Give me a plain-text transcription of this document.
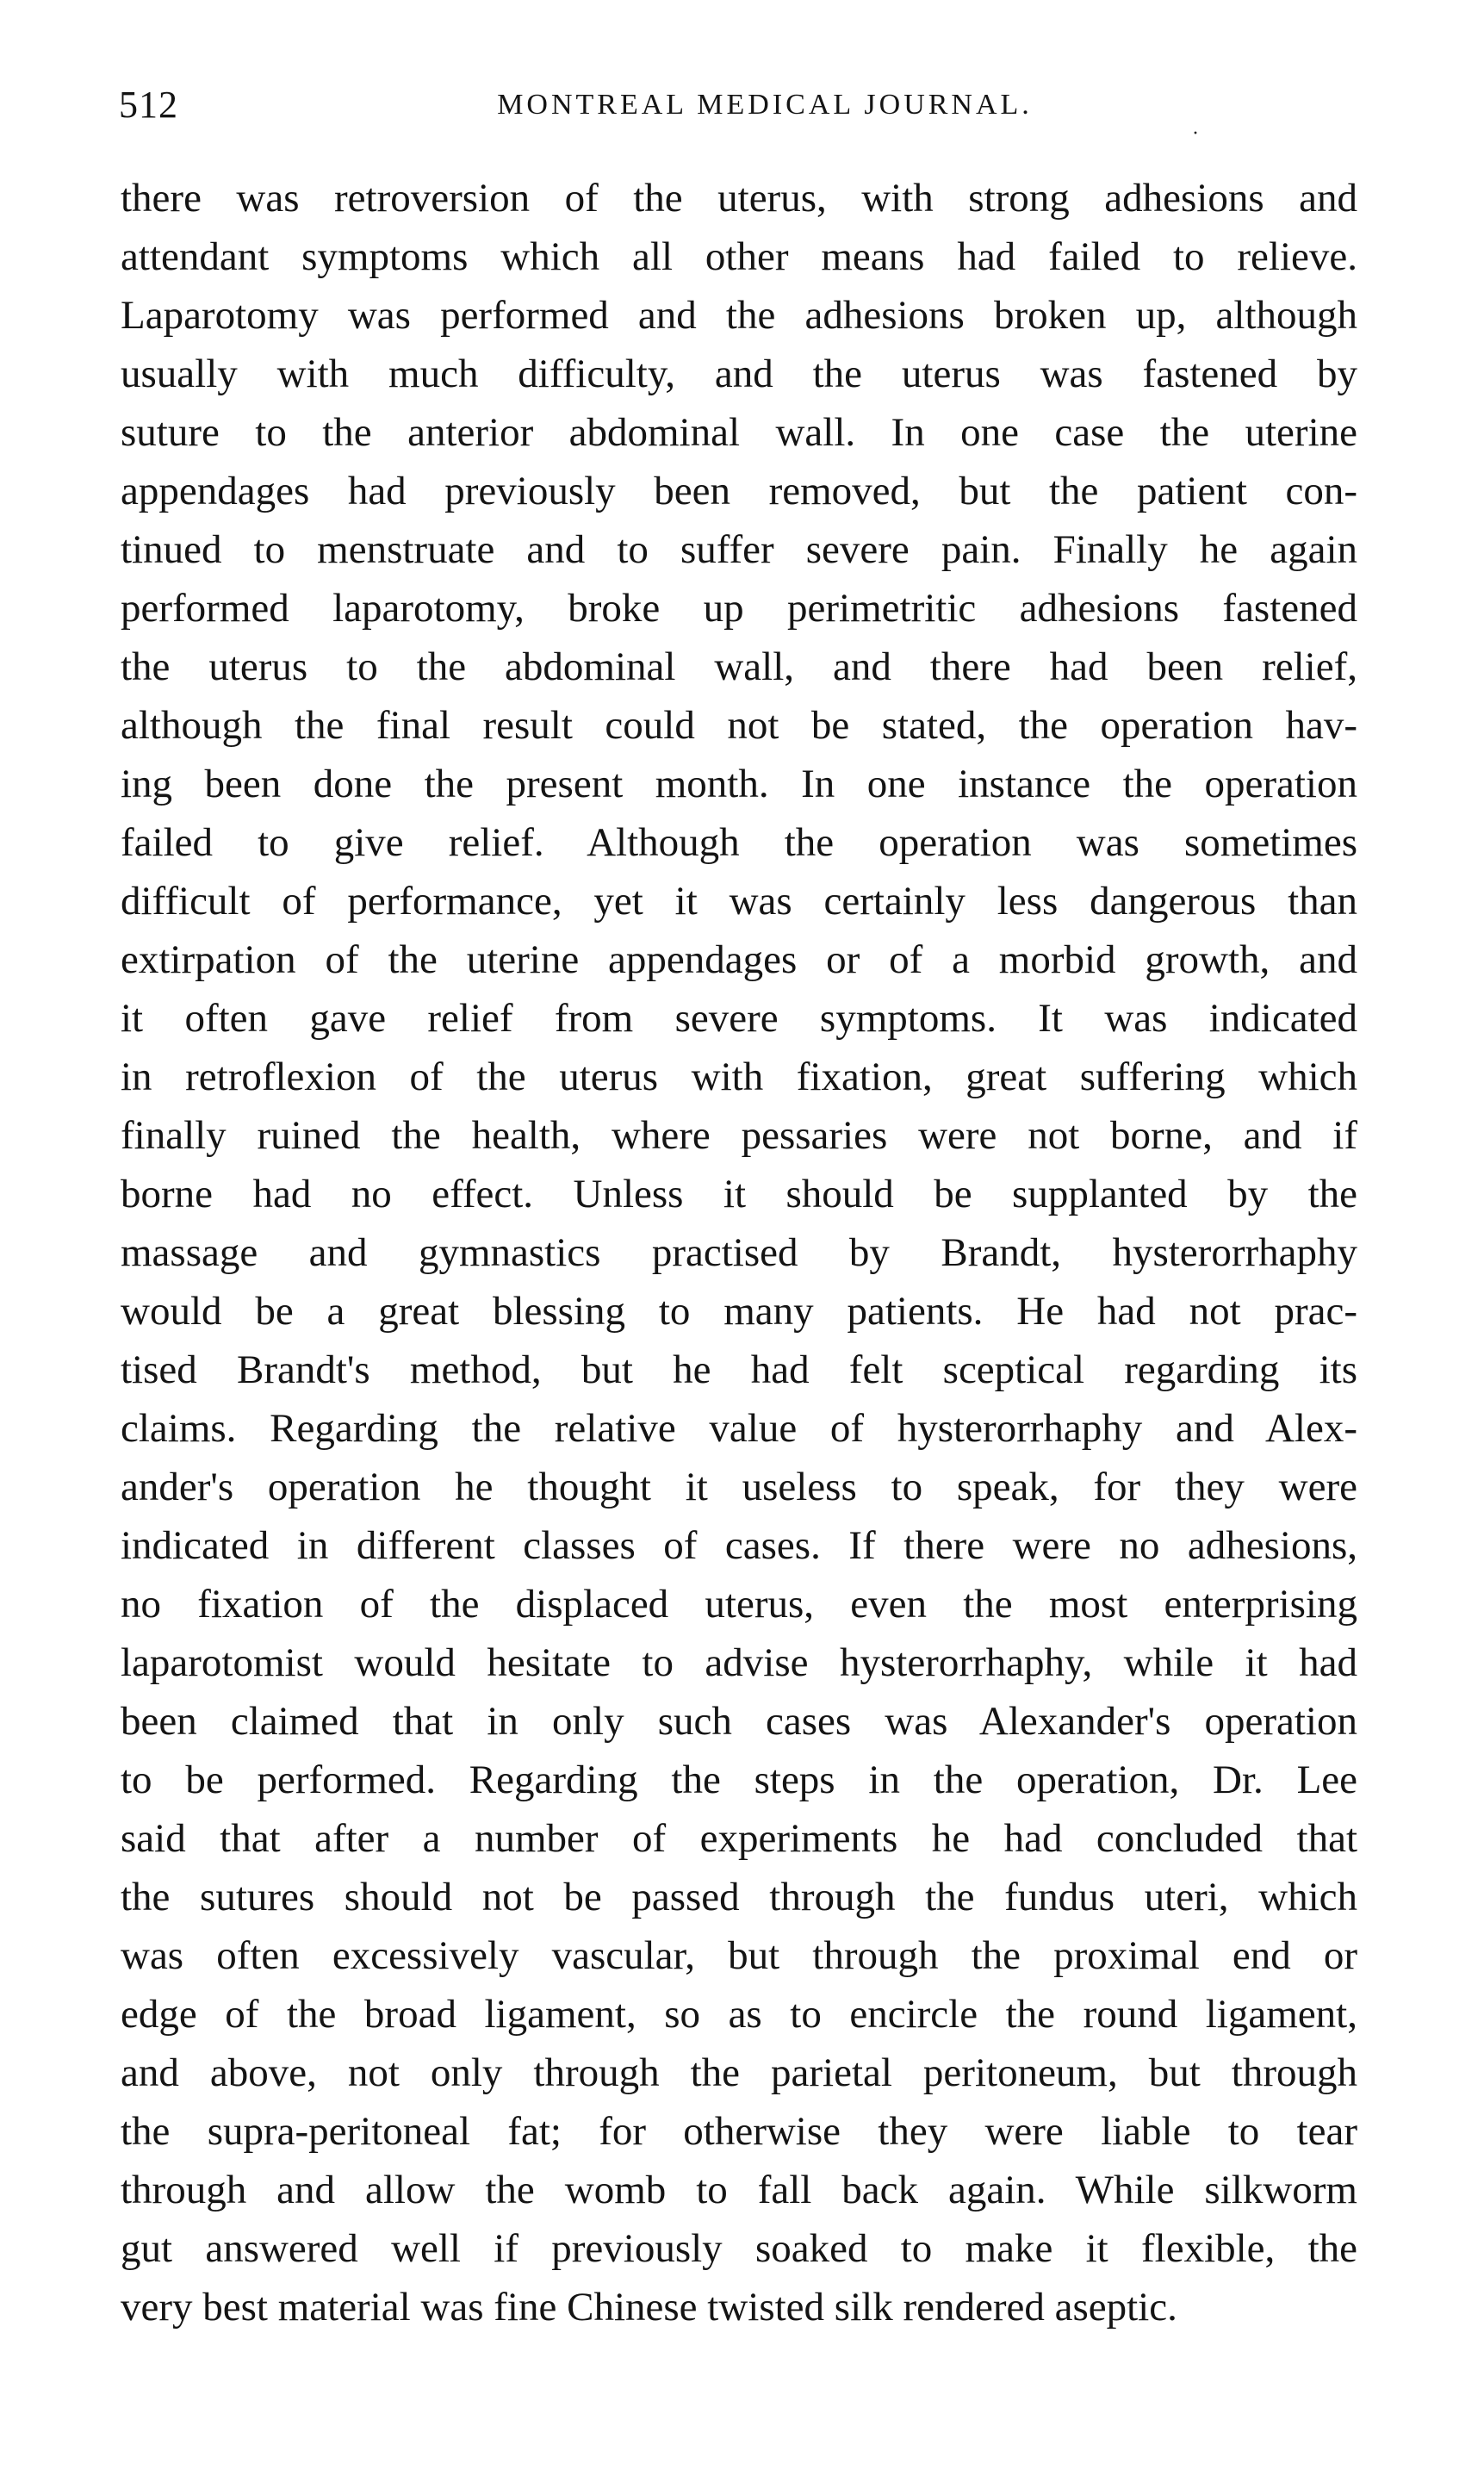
512	MONTREAL MEDICAL JOURNAL.
·
there was retroversion of the uterus, with strong adhesions and
attendant symptoms which all other means had failed to relieve.
Laparotomy was performed and the adhesions broken up, although
usually with much difficulty, and the uterus was fastened by
suture to the anterior abdominal wall. In one case the uterine
appendages had previously been removed, but the patient con-
tinued to menstruate and to suffer severe pain. Finally he again
performed laparotomy, broke up perimetritic adhesions fastened
the uterus to the abdominal wall, and there had been relief,
although the final result could not be stated, the operation hav-
ing been done the present month. In one instance the operation
failed to give relief. Although the operation was sometimes
difficult of performance, yet it was certainly less dangerous than
extirpation of the uterine appendages or of a morbid growth, and
it often gave relief from severe symptoms. It was indicated
in retroflexion of the uterus with fixation, great suffering which
finally ruined the health, where pessaries were not borne, and if
borne had no effect. Unless it should be supplanted by the
massage and gymnastics practised by Brandt, hysterorrhaphy
would be a great blessing to many patients. He had not prac-
tised Brandt's method, but he had felt sceptical regarding its
claims. Regarding the relative value of hysterorrhaphy and Alex-
ander's operation he thought it useless to speak, for they were
indicated in different classes of cases. If there were no adhesions,
no fixation of the displaced uterus, even the most enterprising
laparotomist would hesitate to advise hysterorrhaphy, while it had
been claimed that in only such cases was Alexander's operation
to be performed. Regarding the steps in the operation, Dr. Lee
said that after a number of experiments he had concluded that
the sutures should not be passed through the fundus uteri, which
was often excessively vascular, but through the proximal end or
edge of the broad ligament, so as to encircle the round ligament,
and above, not only through the parietal peritoneum, but through
the supra-peritoneal fat; for otherwise they were liable to tear
through and allow the womb to fall back again. While silkworm
gut answered well if previously soaked to make it flexible, the
very best material was fine Chinese twisted silk rendered aseptic.
